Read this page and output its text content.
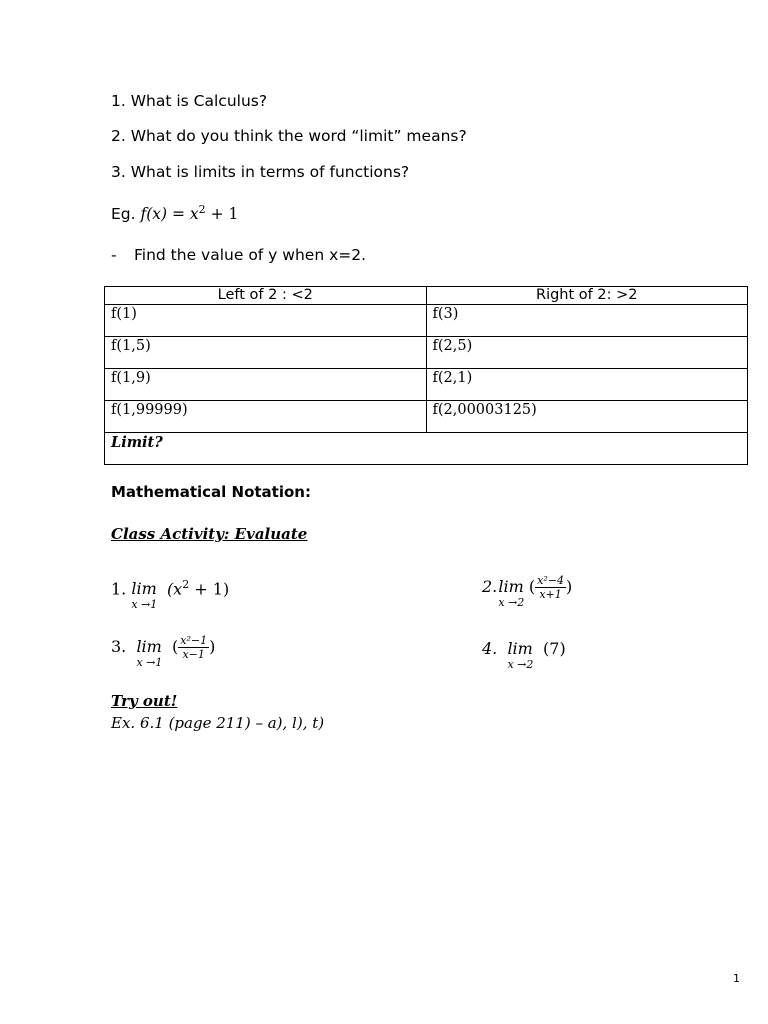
1. What is Calculus?
2. What do you think the word “limit” means?
3. What is limits in terms of functions?
Eg. $f(x) = x^2 + 1$
- Find the value of y when x=2.
Left of 2 : <2	Right of 2: >2
f(1)	f(3)
f(1,5)	f(2,5)
f(1,9)	f(2,1)
f(1,99999)	f(2,00003125)
Limit?	
Mathematical Notation:
Class Activity: Evaluate
1. lim
x →1
$(x^2 + 1)$	2. lim
x →2
( $\frac{\text{x²−4}}{x+1}$ )
3. lim
x →1
( $\frac{\text{x²−1}}{x-1}$ )	4. lim
x →2
(7)
Try out!
Ex. 6.1 (page 211) – a), l), t)
1
